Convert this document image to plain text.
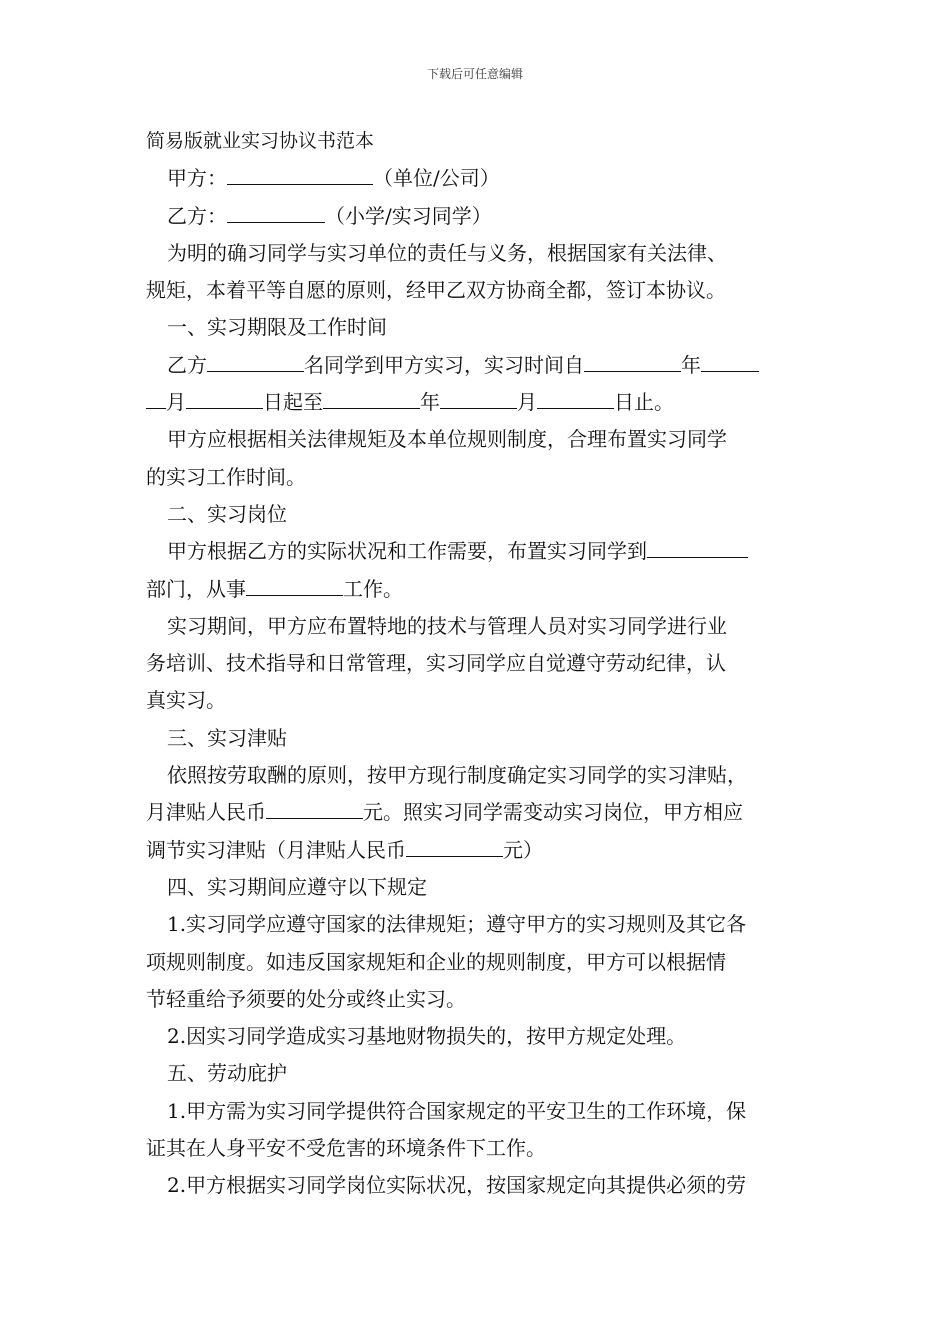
下载后可任意编辑

简易版就业实习协议书范本

甲方：	（单位/公司）

乙方：	（小学/实习同学）

为明的确习同学与实习单位的责任与义务，根据国家有关法律、

规矩，本着平等自愿的原则，经甲乙双方协商全都，签订本协议。

一、实习期限及工作时间

乙方	名同学到甲方实习，实习时间自	年

月	日起至	年	月	日止。

甲方应根据相关法律规矩及本单位规则制度，合理布置实习同学

的实习工作时间。

二、实习岗位

甲方根据乙方的实际状况和工作需要，布置实习同学到

部门，从事	工作。

实习期间，甲方应布置特地的技术与管理人员对实习同学进行业

务培训、技术指导和日常管理，实习同学应自觉遵守劳动纪律，认

真实习。

三、实习津贴

依照按劳取酬的原则，按甲方现行制度确定实习同学的实习津贴，

月津贴人民币	元。照实习同学需变动实习岗位，甲方相应

调节实习津贴（月津贴人民币	元）

四、实习期间应遵守以下规定

1.实习同学应遵守国家的法律规矩；遵守甲方的实习规则及其它各

项规则制度。如违反国家规矩和企业的规则制度，甲方可以根据情

节轻重给予须要的处分或终止实习。

2.因实习同学造成实习基地财物损失的，按甲方规定处理。

五、劳动庇护

1.甲方需为实习同学提供符合国家规定的平安卫生的工作环境，保

证其在人身平安不受危害的环境条件下工作。

2.甲方根据实习同学岗位实际状况，按国家规定向其提供必须的劳
